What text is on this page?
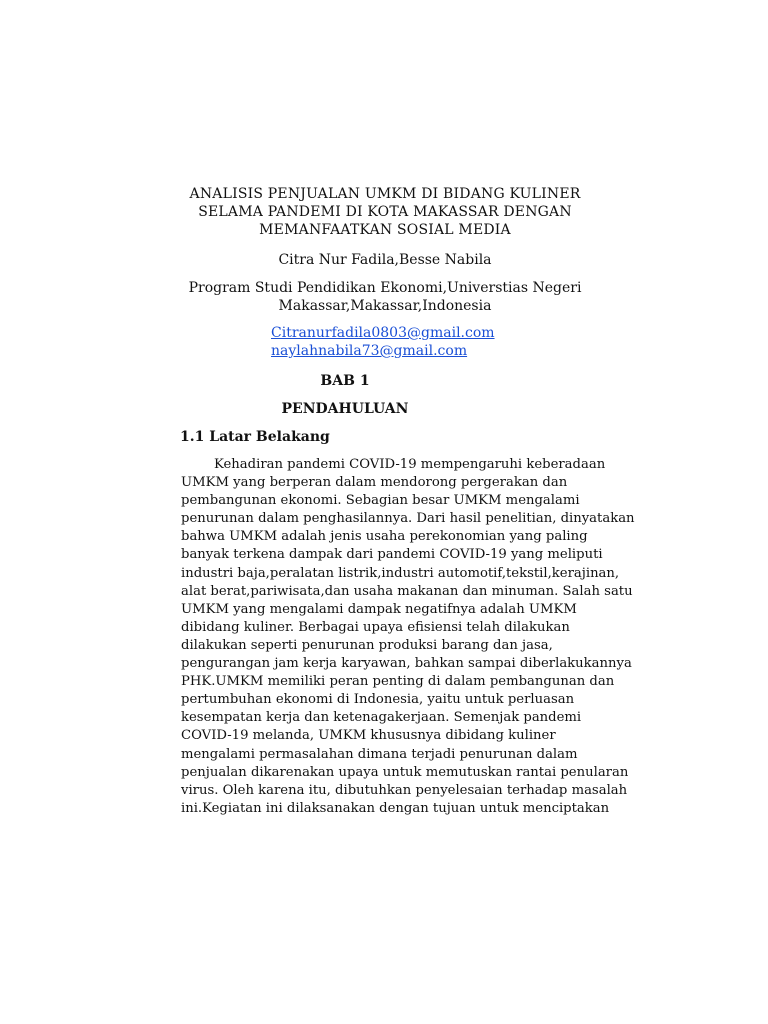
ANALISIS PENJUALAN UMKM DI BIDANG KULINER
SELAMA PANDEMI DI KOTA MAKASSAR DENGAN
MEMANFAATKAN SOSIAL MEDIA
Citra Nur Fadila,Besse Nabila
Program Studi Pendidikan Ekonomi,Universtias Negeri
Makassar,Makassar,Indonesia
Citranurfadila0803@gmail.com
naylahnabila73@gmail.com
BAB 1
PENDAHULUAN
1.1 Latar Belakang
Kehadiran pandemi COVID-19 mempengaruhi keberadaan
UMKM yang berperan dalam mendorong pergerakan dan
pembangunan ekonomi. Sebagian besar UMKM mengalami
penurunan dalam penghasilannya. Dari hasil penelitian, dinyatakan
bahwa UMKM adalah jenis usaha perekonomian yang paling
banyak terkena dampak dari pandemi COVID-19 yang meliputi
industri baja,peralatan listrik,industri automotif,tekstil,kerajinan,
alat berat,pariwisata,dan usaha makanan dan minuman. Salah satu
UMKM yang mengalami dampak negatifnya adalah UMKM
dibidang kuliner. Berbagai upaya efisiensi telah dilakukan
dilakukan seperti penurunan produksi barang dan jasa,
pengurangan jam kerja karyawan, bahkan sampai diberlakukannya
PHK.UMKM memiliki peran penting di dalam pembangunan dan
pertumbuhan ekonomi di Indonesia, yaitu untuk perluasan
kesempatan kerja dan ketenagakerjaan. Semenjak pandemi
COVID-19 melanda, UMKM khususnya dibidang kuliner
mengalami permasalahan dimana terjadi penurunan dalam
penjualan dikarenakan upaya untuk memutuskan rantai penularan
virus. Oleh karena itu, dibutuhkan penyelesaian terhadap masalah
ini.Kegiatan ini dilaksanakan dengan tujuan untuk menciptakan
